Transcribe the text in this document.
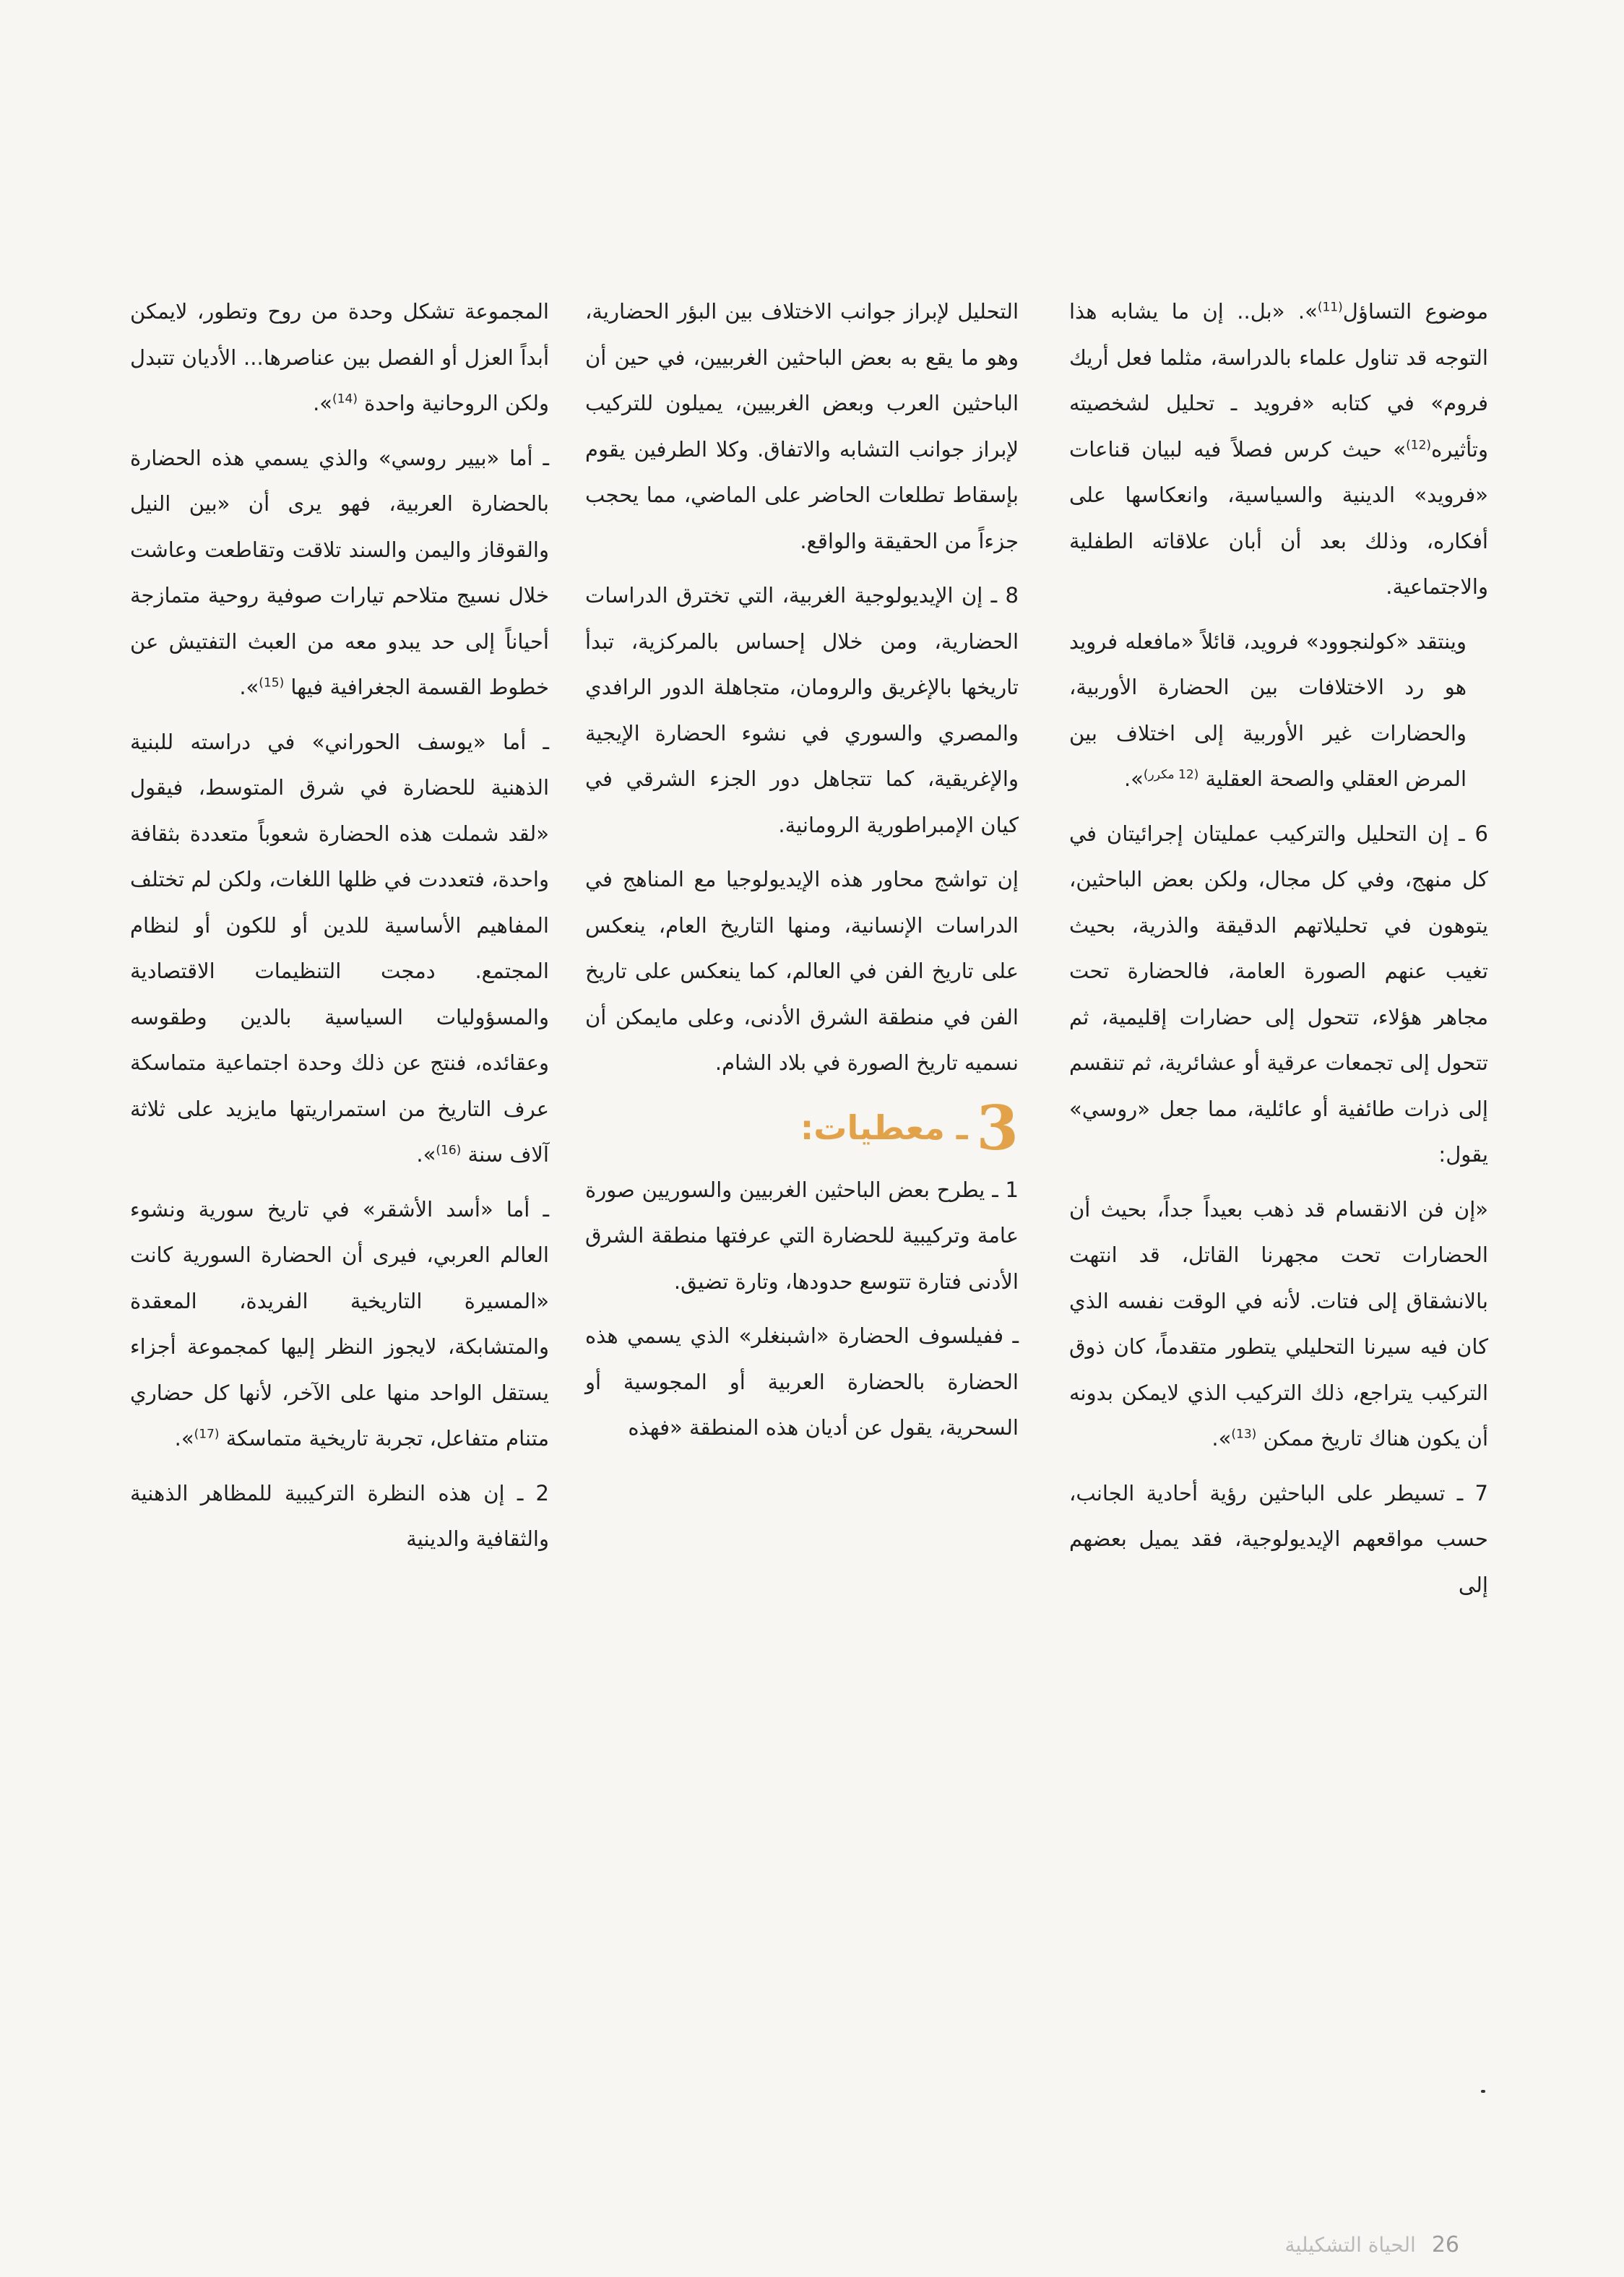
موضوع التساؤل$^{(11)}$». «بل.. إن ما يشابه هذا التوجه قد تناول علماء بالدراسة، مثلما فعل أريك فروم» في كتابه «فرويد ـ تحليل لشخصيته وتأثيره$^{(12)}$» حيث كرس فصلاً فيه لبيان قناعات «فرويد» الدينية والسياسية، وانعكاسها على أفكاره، وذلك بعد أن أبان علاقاته الطفلية والاجتماعية.

وينتقد «كولنجوود» فرويد، قائلاً «مافعله فرويد هو رد الاختلافات بين الحضارة الأوربية، والحضارات غير الأوربية إلى اختلاف بين المرض العقلي والصحة العقلية $^{(12 مكرر)}$».

6 ـ إن التحليل والتركيب عمليتان إجرائيتان في كل منهج، وفي كل مجال، ولكن بعض الباحثين، يتوهون في تحليلاتهم الدقيقة والذرية، بحيث تغيب عنهم الصورة العامة، فالحضارة تحت مجاهر هؤلاء، تتحول إلى حضارات إقليمية، ثم تتحول إلى تجمعات عرقية أو عشائرية، ثم تنقسم إلى ذرات طائفية أو عائلية، مما جعل «روسي» يقول:

«إن فن الانقسام قد ذهب بعيداً جداً، بحيث أن الحضارات تحت مجهرنا القاتل، قد انتهت بالانشقاق إلى فتات. لأنه في الوقت نفسه الذي كان فيه سيرنا التحليلي يتطور متقدماً، كان ذوق التركيب يتراجع، ذلك التركيب الذي لايمكن بدونه أن يكون هناك تاريخ ممكن $^{(13)}$».

7 ـ تسيطر على الباحثين رؤية أحادية الجانب، حسب مواقعهم الإيديولوجية، فقد يميل بعضهم إلى

التحليل لإبراز جوانب الاختلاف بين البؤر الحضارية، وهو ما يقع به بعض الباحثين الغربيين، في حين أن الباحثين العرب وبعض الغربيين، يميلون للتركيب لإبراز جوانب التشابه والاتفاق. وكلا الطرفين يقوم بإسقاط تطلعات الحاضر على الماضي، مما يحجب جزءاً من الحقيقة والواقع.

8 ـ إن الإيديولوجية الغربية، التي تخترق الدراسات الحضارية، ومن خلال إحساس بالمركزية، تبدأ تاريخها بالإغريق والرومان، متجاهلة الدور الرافدي والمصري والسوري في نشوء الحضارة الإيجية والإغريقية، كما تتجاهل دور الجزء الشرقي في كيان الإمبراطورية الرومانية.

إن تواشج محاور هذه الإيديولوجيا مع المناهج في الدراسات الإنسانية، ومنها التاريخ العام، ينعكس على تاريخ الفن في العالم، كما ينعكس على تاريخ الفن في منطقة الشرق الأدنى، وعلى مايمكن أن نسميه تاريخ الصورة في بلاد الشام.

3
ـ معطيات:

1 ـ يطرح بعض الباحثين الغربيين والسوريين صورة عامة وتركيبية للحضارة التي عرفتها منطقة الشرق الأدنى فتارة تتوسع حدودها، وتارة تضيق.

ـ ففيلسوف الحضارة «اشبنغلر» الذي يسمي هذه الحضارة بالحضارة العربية أو المجوسية أو السحرية، يقول عن أديان هذه المنطقة «فهذه

المجموعة تشكل وحدة من روح وتطور، لايمكن أبداً العزل أو الفصل بين عناصرها... الأديان تتبدل ولكن الروحانية واحدة $^{(14)}$».

ـ أما «بيير روسي» والذي يسمي هذه الحضارة بالحضارة العربية، فهو يرى أن «بين النيل والقوقاز واليمن والسند تلاقت وتقاطعت وعاشت خلال نسيج متلاحم تيارات صوفية روحية متمازجة أحياناً إلى حد يبدو معه من العبث التفتيش عن خطوط القسمة الجغرافية فيها $^{(15)}$».

ـ أما «يوسف الحوراني» في دراسته للبنية الذهنية للحضارة في شرق المتوسط، فيقول «لقد شملت هذه الحضارة شعوباً متعددة بثقافة واحدة، فتعددت في ظلها اللغات، ولكن لم تختلف المفاهيم الأساسية للدين أو للكون أو لنظام المجتمع. دمجت التنظيمات الاقتصادية والمسؤوليات السياسية بالدين وطقوسه وعقائده، فنتج عن ذلك وحدة اجتماعية متماسكة عرف التاريخ من استمراريتها مايزيد على ثلاثة آلاف سنة $^{(16)}$».

ـ أما «أسد الأشقر» في تاريخ سورية ونشوء العالم العربي، فيرى أن الحضارة السورية كانت «المسيرة التاريخية الفريدة، المعقدة والمتشابكة، لايجوز النظر إليها كمجموعة أجزاء يستقل الواحد منها على الآخر، لأنها كل حضاري متنام متفاعل، تجربة تاريخية متماسكة $^{(17)}$».

2 ـ إن هذه النظرة التركيبية للمظاهر الذهنية والثقافية والدينية

26
الحياة التشكيلية
